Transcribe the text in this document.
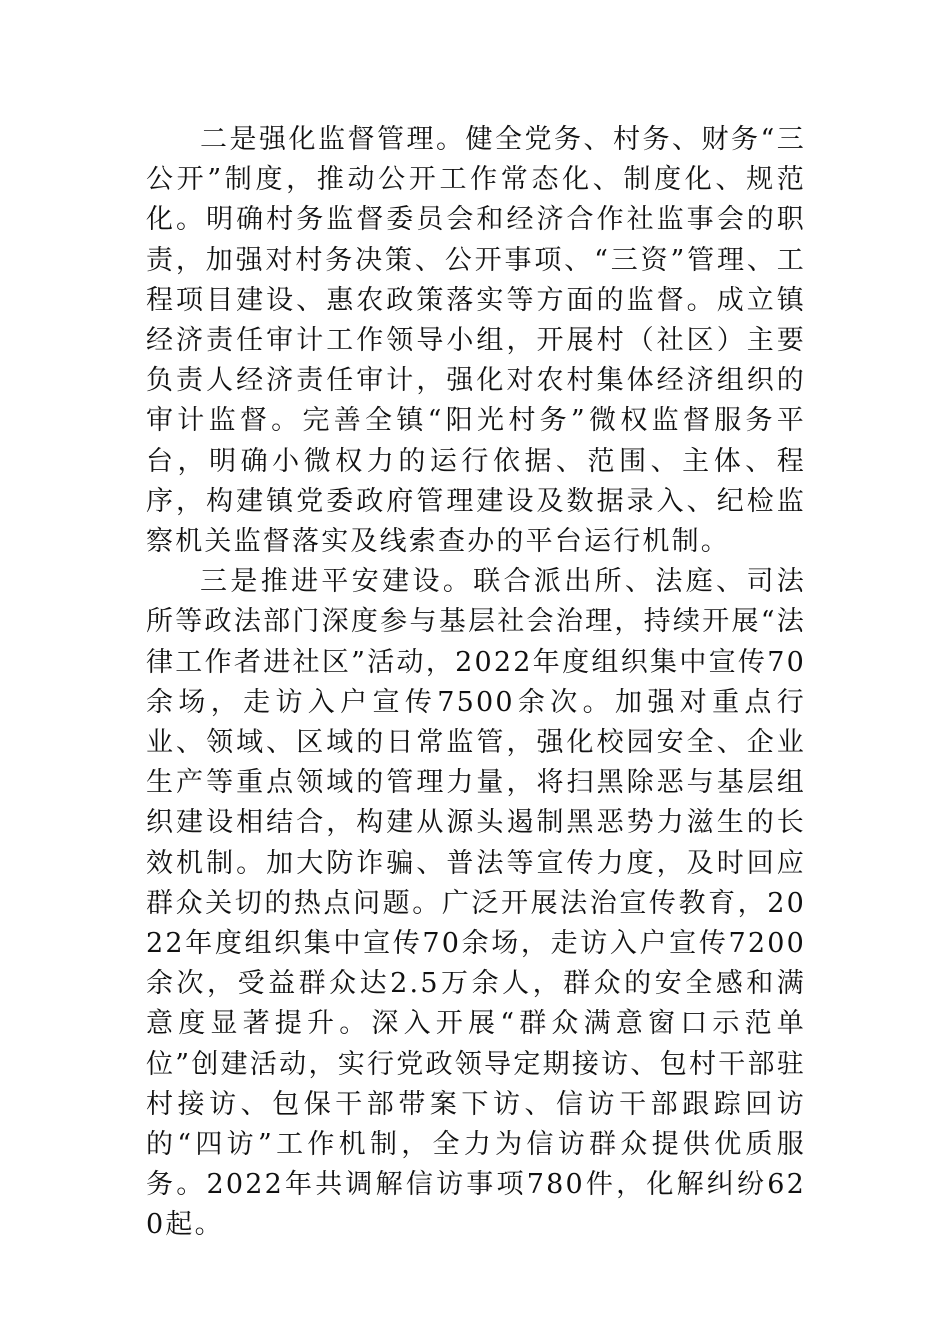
二是强化监督管理。健全党务、村务、财务“三公开”制度，推动公开工作常态化、制度化、规范化。明确村务监督委员会和经济合作社监事会的职责，加强对村务决策、公开事项、“三资”管理、工程项目建设、惠农政策落实等方面的监督。成立镇经济责任审计工作领导小组，开展村（社区）主要负责人经济责任审计，强化对农村集体经济组织的审计监督。完善全镇“阳光村务”微权监督服务平台，明确小微权力的运行依据、范围、主体、程序，构建镇党委政府管理建设及数据录入、纪检监察机关监督落实及线索查办的平台运行机制。

三是推进平安建设。联合派出所、法庭、司法所等政法部门深度参与基层社会治理，持续开展“法律工作者进社区”活动，2022年度组织集中宣传70余场，走访入户宣传7500余次。加强对重点行业、领域、区域的日常监管，强化校园安全、企业生产等重点领域的管理力量，将扫黑除恶与基层组织建设相结合，构建从源头遏制黑恶势力滋生的长效机制。加大防诈骗、普法等宣传力度，及时回应群众关切的热点问题。广泛开展法治宣传教育，2022年度组织集中宣传70余场，走访入户宣传7200余次，受益群众达2.5万余人，群众的安全感和满意度显著提升。深入开展“群众满意窗口示范单位”创建活动，实行党政领导定期接访、包村干部驻村接访、包保干部带案下访、信访干部跟踪回访的“四访”工作机制，全力为信访群众提供优质服务。2022年共调解信访事项780件，化解纠纷620起。
